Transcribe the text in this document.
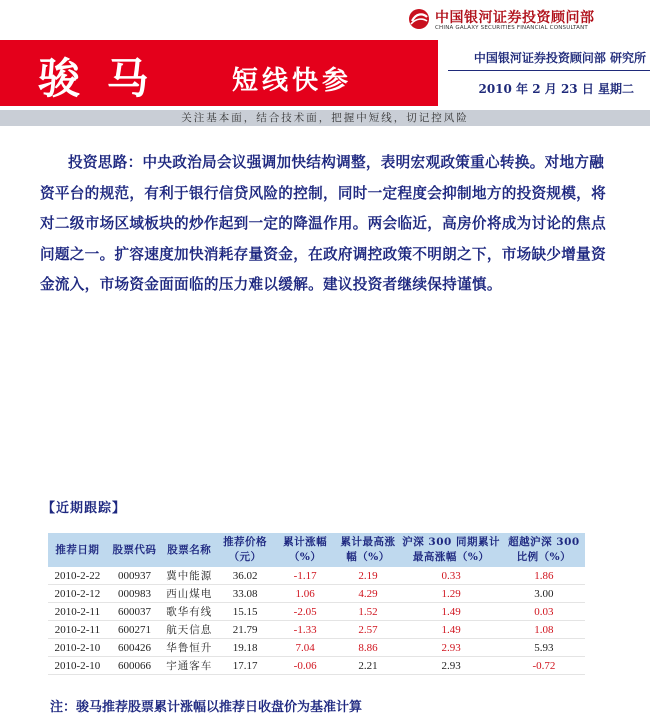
中国银河证券投资顾问部
CHINA GALAXY SECURITIES FINANCIAL CONSULTANT
骏 马	短线快参
中国银河证券投资顾问部 研究所
2010 年 2 月 23 日 星期二
关注基本面，结合技术面，把握中短线，切记控风险
投资思路：中央政治局会议强调加快结构调整，表明宏观政策重心转换。对地方融资平台的规范，有利于银行信贷风险的控制，同时一定程度会抑制地方的投资规模，将对二级市场区域板块的炒作起到一定的降温作用。两会临近，高房价将成为讨论的焦点问题之一。扩容速度加快消耗存量资金，在政府调控政策不明朗之下，市场缺少增量资金流入，市场资金面面临的压力难以缓解。建议投资者继续保持谨慎。
【近期跟踪】
推荐日期	股票代码	股票名称	推荐价格（元）	累计涨幅（%）	累计最高涨幅（%）	沪深 300 同期累计最高涨幅（%）	超越沪深 300 比例（%）
2010-2-22	000937	冀中能源	36.02	-1.17	2.19	0.33	1.86
2010-2-12	000983	西山煤电	33.08	1.06	4.29	1.29	3.00
2010-2-11	600037	歌华有线	15.15	-2.05	1.52	1.49	0.03
2010-2-11	600271	航天信息	21.79	-1.33	2.57	1.49	1.08
2010-2-10	600426	华鲁恒升	19.18	7.04	8.86	2.93	5.93
2010-2-10	600066	宇通客车	17.17	-0.06	2.21	2.93	-0.72
注：骏马推荐股票累计涨幅以推荐日收盘价为基准计算
